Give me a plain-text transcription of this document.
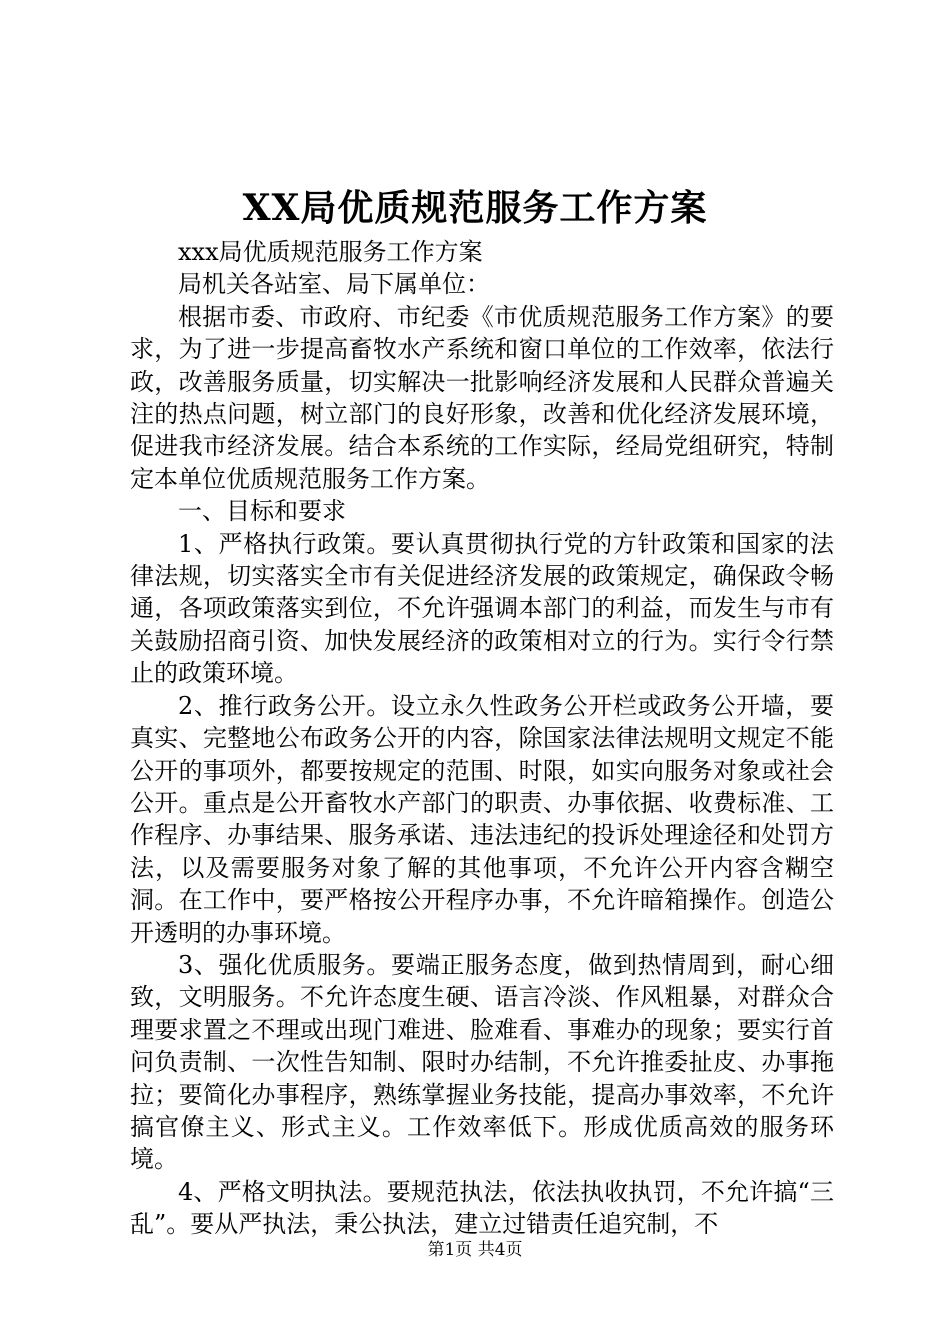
XX局优质规范服务工作方案

xxx局优质规范服务工作方案

局机关各站室、局下属单位：

根据市委、市政府、市纪委《市优质规范服务工作方案》的要求，为了进一步提高畜牧水产系统和窗口单位的工作效率，依法行政，改善服务质量，切实解决一批影响经济发展和人民群众普遍关注的热点问题，树立部门的良好形象，改善和优化经济发展环境，促进我市经济发展。结合本系统的工作实际，经局党组研究，特制定本单位优质规范服务工作方案。

一、目标和要求

1、严格执行政策。要认真贯彻执行党的方针政策和国家的法律法规，切实落实全市有关促进经济发展的政策规定，确保政令畅通，各项政策落实到位，不允许强调本部门的利益，而发生与市有关鼓励招商引资、加快发展经济的政策相对立的行为。实行令行禁止的政策环境。

2、推行政务公开。设立永久性政务公开栏或政务公开墙，要真实、完整地公布政务公开的内容，除国家法律法规明文规定不能公开的事项外，都要按规定的范围、时限，如实向服务对象或社会公开。重点是公开畜牧水产部门的职责、办事依据、收费标准、工作程序、办事结果、服务承诺、违法违纪的投诉处理途径和处罚方法，以及需要服务对象了解的其他事项，不允许公开内容含糊空洞。在工作中，要严格按公开程序办事，不允许暗箱操作。创造公开透明的办事环境。

3、强化优质服务。要端正服务态度，做到热情周到，耐心细致，文明服务。不允许态度生硬、语言冷淡、作风粗暴，对群众合理要求置之不理或出现门难进、脸难看、事难办的现象；要实行首问负责制、一次性告知制、限时办结制，不允许推委扯皮、办事拖拉；要简化办事程序，熟练掌握业务技能，提高办事效率，不允许搞官僚主义、形式主义。工作效率低下。形成优质高效的服务环境。

4、严格文明执法。要规范执法，依法执收执罚，不允许搞“三乱”。要从严执法，秉公执法，建立过错责任追究制，不

第1页 共4页
